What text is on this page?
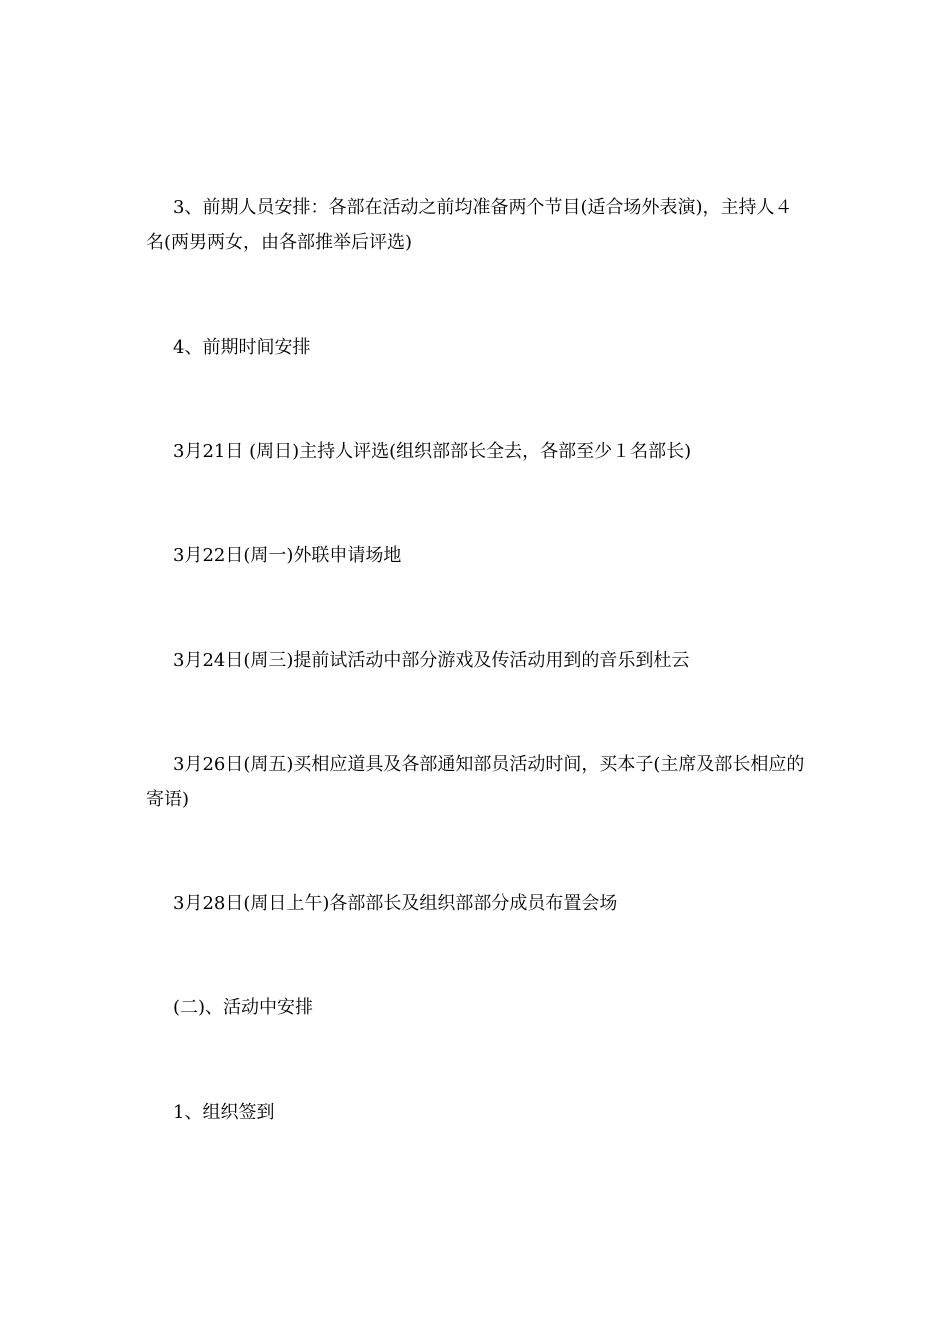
3、前期人员安排：各部在活动之前均准备两个节目(适合场外表演)，主持人４名(两男两女，由各部推举后评选)

4、前期时间安排

3月21日 (周日)主持人评选(组织部部长全去，各部至少１名部长)

3月22日(周一)外联申请场地

3月24日(周三)提前试活动中部分游戏及传活动用到的音乐到杜云

3月26日(周五)买相应道具及各部通知部员活动时间，买本子(主席及部长相应的寄语)

3月28日(周日上午)各部部长及组织部部分成员布置会场

(二)、活动中安排

1、组织签到
